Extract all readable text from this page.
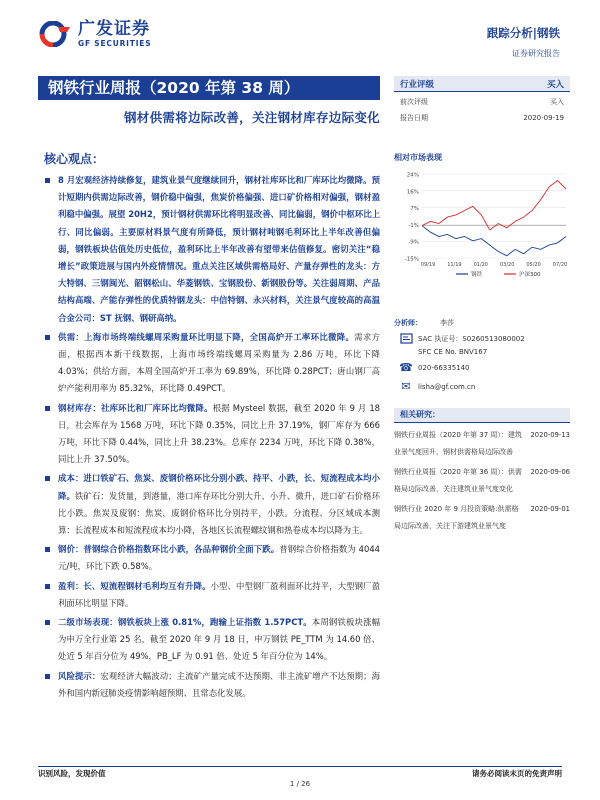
广发证券
GF SECURITIES
跟踪分析|钢铁
证券研究报告
钢铁行业周报（2020 年第 38 周）
钢材供需将边际改善，关注钢材库存边际变化
核心观点：
8 月宏观经济持续修复，建筑业景气度继续回升，钢材社库环比和厂库环比均微降。预计短期内供需边际改善，钢价稳中偏强，焦炭价格偏强、进口矿价格相对偏强，钢材盈利稳中偏强。展望 20H2，预计钢材供需环比将明显改善、同比偏弱，钢价中枢环比上行、同比偏弱。主要原材料景气度有所降低，预计钢材吨钢毛利环比上半年改善但偏弱，钢铁板块估值处历史低位，盈利环比上半年改善有望带来估值修复。密切关注“稳增长”政策进展与国内外疫情情况。重点关注区域供需格局好、产量存弹性的龙头：方大特钢、三钢闽光、韶钢松山、华菱钢铁、宝钢股份、新钢股份等。关注弱周期、产品结构高端、产能存弹性的优质特钢龙头：中信特钢、永兴材料，关注景气度较高的高温合金公司：ST 抚钢、钢研高纳。
供需：上海市场终端线螺周采购量环比明显下降，全国高炉开工率环比微降。需求方面，根据西本新干线数据，上海市场终端线螺周采购量为 2.86 万吨，环比下降 4.03%；供给方面，本周全国高炉开工率为 69.89%，环比降 0.28PCT；唐山钢厂高炉产能利用率为 85.32%，环比降 0.49PCT。
钢材库存：社库环比和厂库环比均微降。根据 Mysteel 数据，截至 2020 年 9 月 18 日，社会库存为 1568 万吨，环比下降 0.35%，同比上升 37.19%，钢厂库存为 666 万吨，环比下降 0.44%，同比上升 38.23%。总库存 2234 万吨，环比下降 0.38%，同比上升 37.50%。
成本：进口铁矿石、焦炭、废钢价格环比分别小跌、持平、小跌，长、短流程成本均小降。铁矿石：发货量，到港量，港口库存环比分别大升、小升、微升，进口矿石价格环比小跌。焦炭及废钢：焦炭，废钢价格环比分别持平，小跌。分流程、分区域成本测算：长流程成本和短流程成本均小降，各地区长流程螺纹钢和热卷成本均以降为主。
钢价：普钢综合价格指数环比小跌，各品种钢价全面下跌。普钢综合价格指数为 4044 元/吨，环比下跌 0.58%。
盈利：长、短流程钢材毛利均互有升降。小型、中型钢厂盈利面环比持平，大型钢厂盈利面环比明显下降。
二级市场表现：钢铁板块上涨 0.81%，跑输上证指数 1.57PCT。本周钢铁板块涨幅为申万全行业第 25 名，截至 2020 年 9 月 18 日，申万钢铁 PE_TTM 为 14.60 倍、处近 5 年百分位为 49%，PB_LF 为 0.91 倍、处近 5 年百分位为 14%。
风险提示：宏观经济大幅波动；主流矿产量完成不达预期、非主流矿增产不达预期；海外和国内新冠肺炎疫情影响超预期、且常态化发展。
行业评级	买入
前次评级	买入
报告日期	2020-09-19
相对市场表现
24%
16%
7%
-1%
-9%
-15%
09/19 11/19 01/20 03/20 05/20 07/20
钢铁	沪深300
分析师：	李莎
SAC 执证号：S0260513080002
SFC CE No. BNV167
☎ 020-66335140
✉	lisha@gf.com.cn
相关研究：
钢铁行业周报（2020 年第 37 周）：建筑业景气度回升，钢材供需格局边际改善
2020-09-13
钢铁行业周报（2020 年第 36 周）：供需格局边际改善，关注建筑业景气度变化
2020-09-06
钢铁行业 2020 年 9 月投资策略:供需格局边际改善，关注下游建筑业景气度
2020-09-01
识别风险，发现价值	请务必阅读末页的免责声明
1 / 26
